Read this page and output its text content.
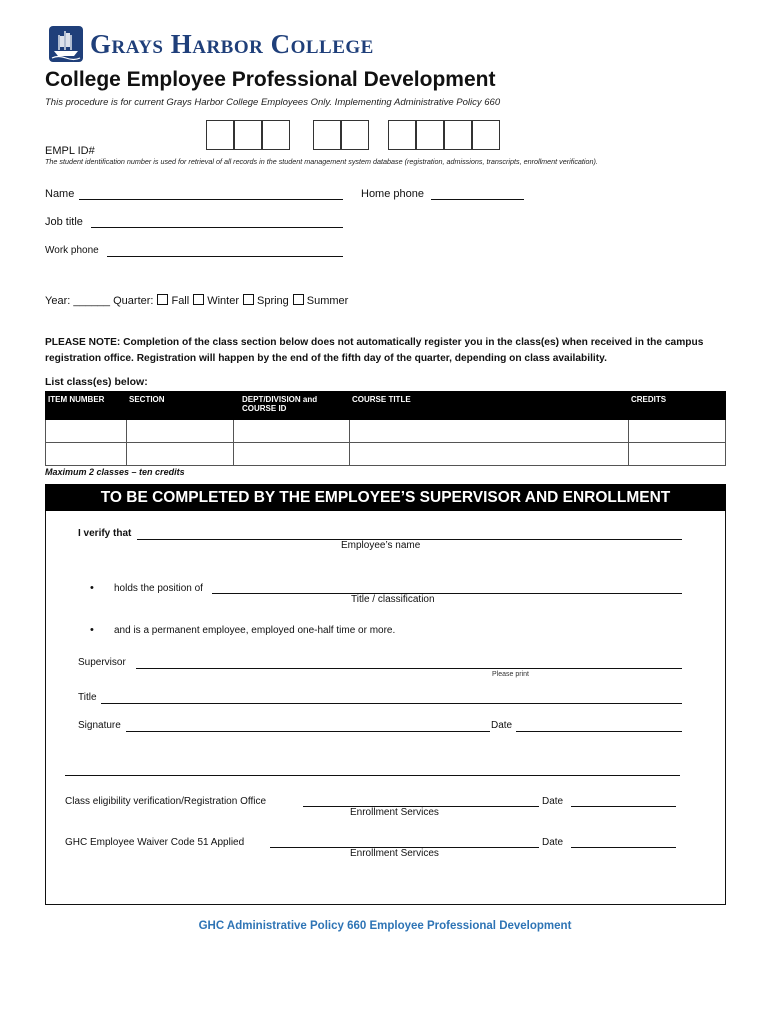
Grays Harbor College
College Employee Professional Development
This procedure is for current Grays Harbor College Employees Only. Implementing Administrative Policy 660
EMPL ID#
The student identification number is used for retrieval of all records in the student management system database (registration, admissions, transcripts, enrollment verification).
Name	Home phone
Job title
Work phone
Year: ______ Quarter: Fall Winter Spring Summer
PLEASE NOTE: Completion of the class section below does not automatically register you in the class(es) when received in the campus registration office. Registration will happen by the end of the fifth day of the quarter, depending on class availability.
List class(es) below:
ITEM NUMBER	SECTION	DEPT/DIVISION and COURSE ID	COURSE TITLE	CREDITS

Maximum 2 classes – ten credits
TO BE COMPLETED BY THE EMPLOYEE’S SUPERVISOR AND ENROLLMENT
I verify that
Employee’s name
• holds the position of
Title / classification
• and is a permanent employee, employed one-half time or more.
Supervisor
Please print
Title
Signature	Date
Class eligibility verification/Registration Office
Enrollment Services
Date
GHC Employee Waiver Code 51 Applied
Enrollment Services
Date
GHC Administrative Policy 660 Employee Professional Development
